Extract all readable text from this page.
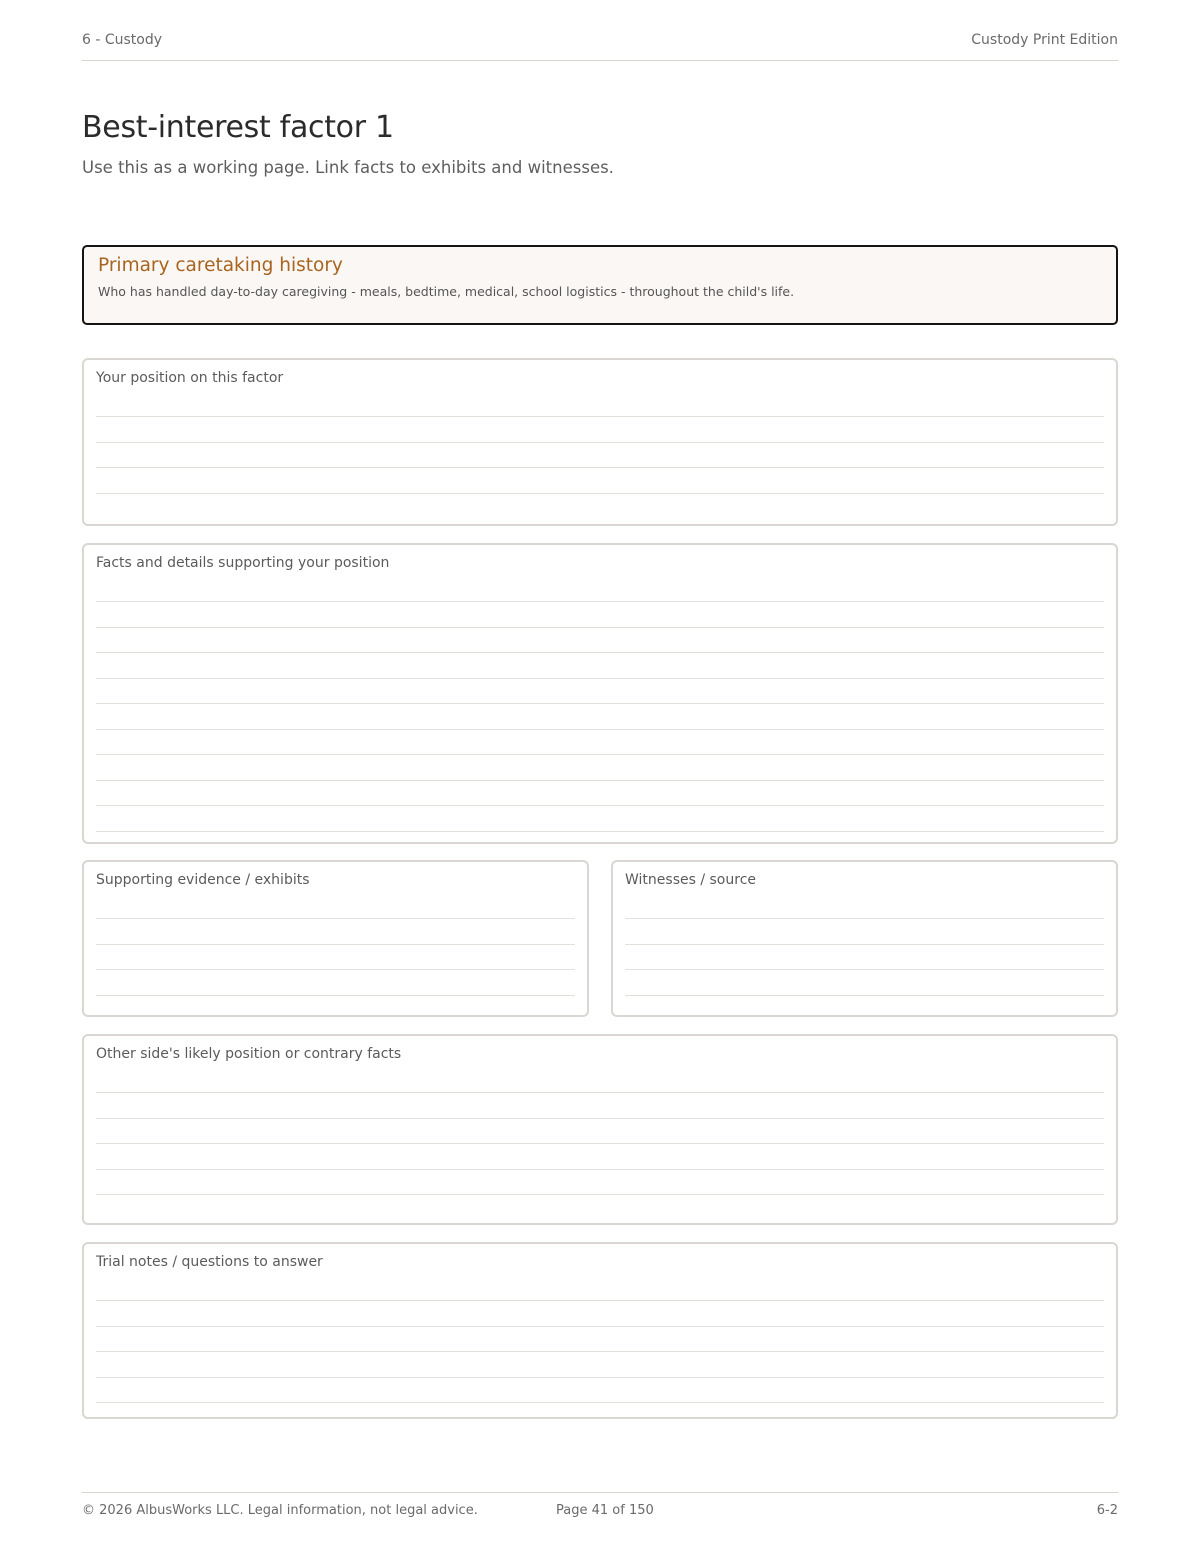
6 - Custody	Custody Print Edition
Best-interest factor 1

Use this as a working page. Link facts to exhibits and witnesses.

Primary caretaking history
Who has handled day-to-day caregiving - meals, bedtime, medical, school logistics - throughout the child's life.
Your position on this factor
Facts and details supporting your position
Supporting evidence / exhibits	Witnesses / source
Other side's likely position or contrary facts
Trial notes / questions to answer
© 2026 AlbusWorks LLC. Legal information, not legal advice.	Page 41 of 150	6-2
